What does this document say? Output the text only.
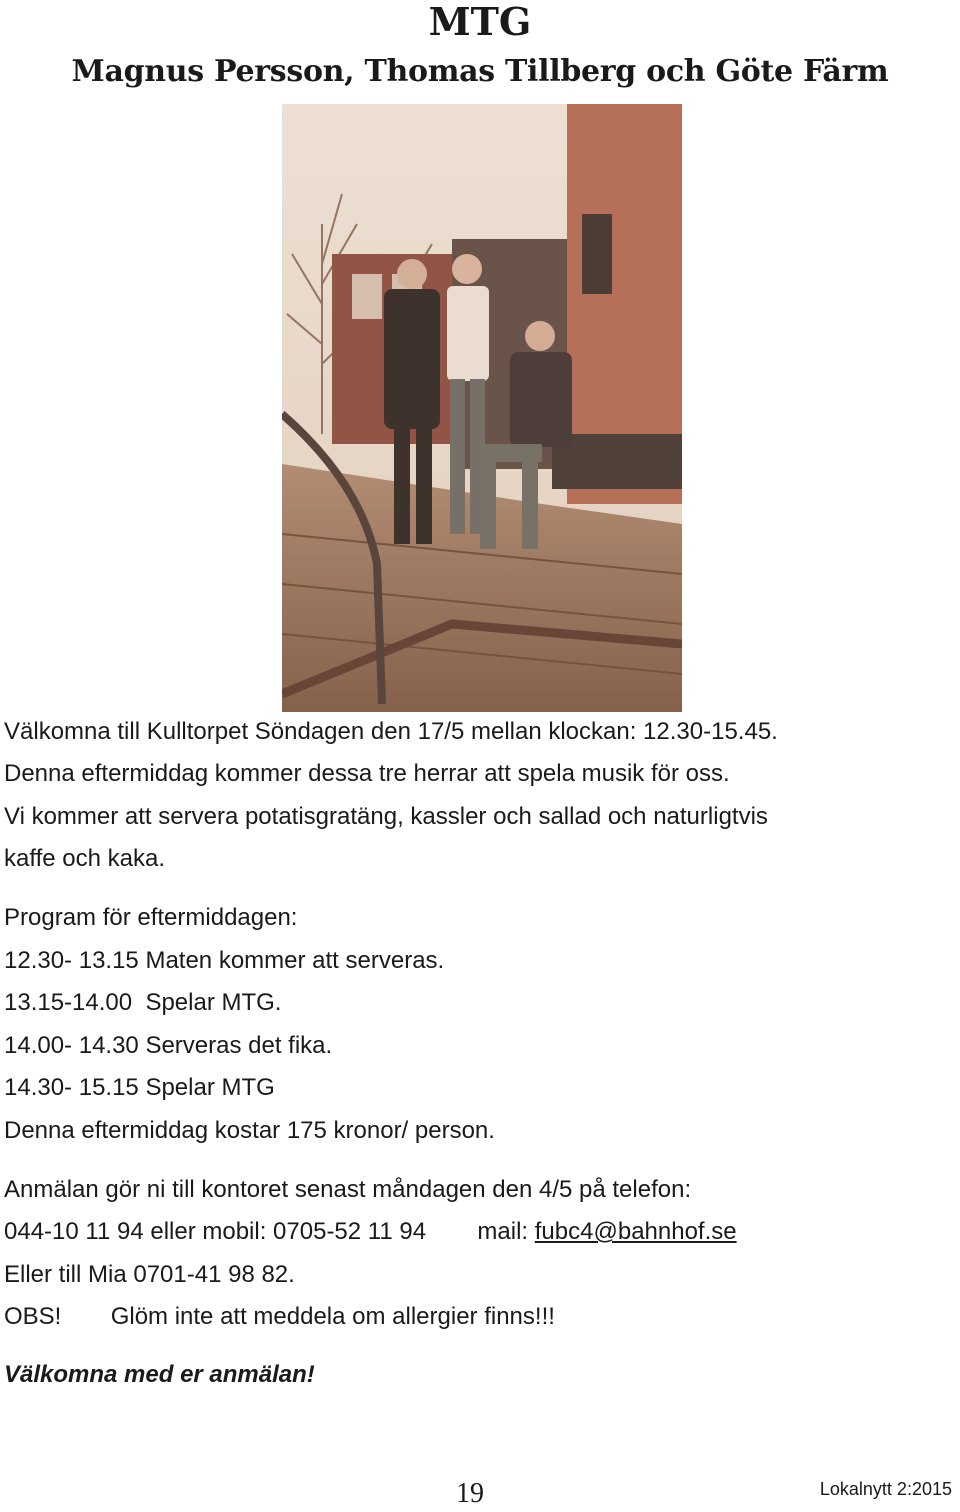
MTG
Magnus Persson, Thomas Tillberg och Göte Färm
Välkomna till Kulltorpet Söndagen den 17/5 mellan klockan: 12.30-15.45.
Denna eftermiddag kommer dessa tre herrar att spela musik för oss.
Vi kommer att servera potatisgratäng, kassler och sallad och naturligtvis
kaffe och kaka.
Program för eftermiddagen:
12.30- 13.15 Maten kommer att serveras.
13.15-14.00  Spelar MTG.
14.00- 14.30 Serveras det fika.
14.30- 15.15 Spelar MTG
Denna eftermiddag kostar 175 kronor/ person.
Anmälan gör ni till kontoret senast måndagen den 4/5 på telefon:
044-10 11 94 eller mobil: 0705-52 11 94 mail: fubc4@bahnhof.se
Eller till Mia 0701-41 98 82.
OBS! Glöm inte att meddela om allergier finns!!!
Välkomna med er anmälan!
19	Lokalnytt 2:2015
